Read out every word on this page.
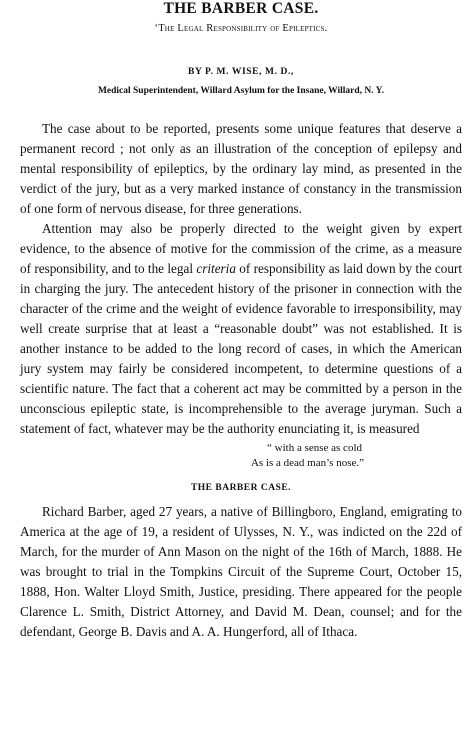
THE BARBER CASE.
‘The Legal Responsibility of Epileptics.
BY P. M. WISE, M. D.,
Medical Superintendent, Willard Asylum for the Insane, Willard, N. Y.

The case about to be reported, presents some unique features that deserve a permanent record ; not only as an illustration of the conception of epilepsy and mental responsibility of epileptics, by the ordinary lay mind, as presented in the verdict of the jury, but as a very marked instance of constancy in the transmission of one form of nervous disease, for three generations.

Attention may also be properly directed to the weight given by expert evidence, to the absence of motive for the commission of the crime, as a measure of responsibility, and to the legal criteria of responsibility as laid down by the court in charging the jury. The antecedent history of the prisoner in connection with the character of the crime and the weight of evidence favorable to irresponsibility, may well create surprise that at least a “reasonable doubt” was not established. It is another instance to be added to the long record of cases, in which the American jury system may fairly be considered incompetent, to determine questions of a scientific nature. The fact that a coherent act may be committed by a person in the unconscious epileptic state, is incomprehensible to the average juryman. Such a statement of fact, whatever may be the authority enunciating it, is measured

“ with a sense as cold
As is a dead man’s nose.”
THE BARBER CASE.

Richard Barber, aged 27 years, a native of Billingboro, England, emigrating to America at the age of 19, a resident of Ulysses, N. Y., was indicted on the 22d of March, for the murder of Ann Mason on the night of the 16th of March, 1888. He was brought to trial in the Tompkins Circuit of the Supreme Court, October 15, 1888, Hon. Walter Lloyd Smith, Justice, presiding. There appeared for the people Clarence L. Smith, District Attorney, and David M. Dean, counsel; and for the defendant, George B. Davis and A. A. Hungerford, all of Ithaca.
